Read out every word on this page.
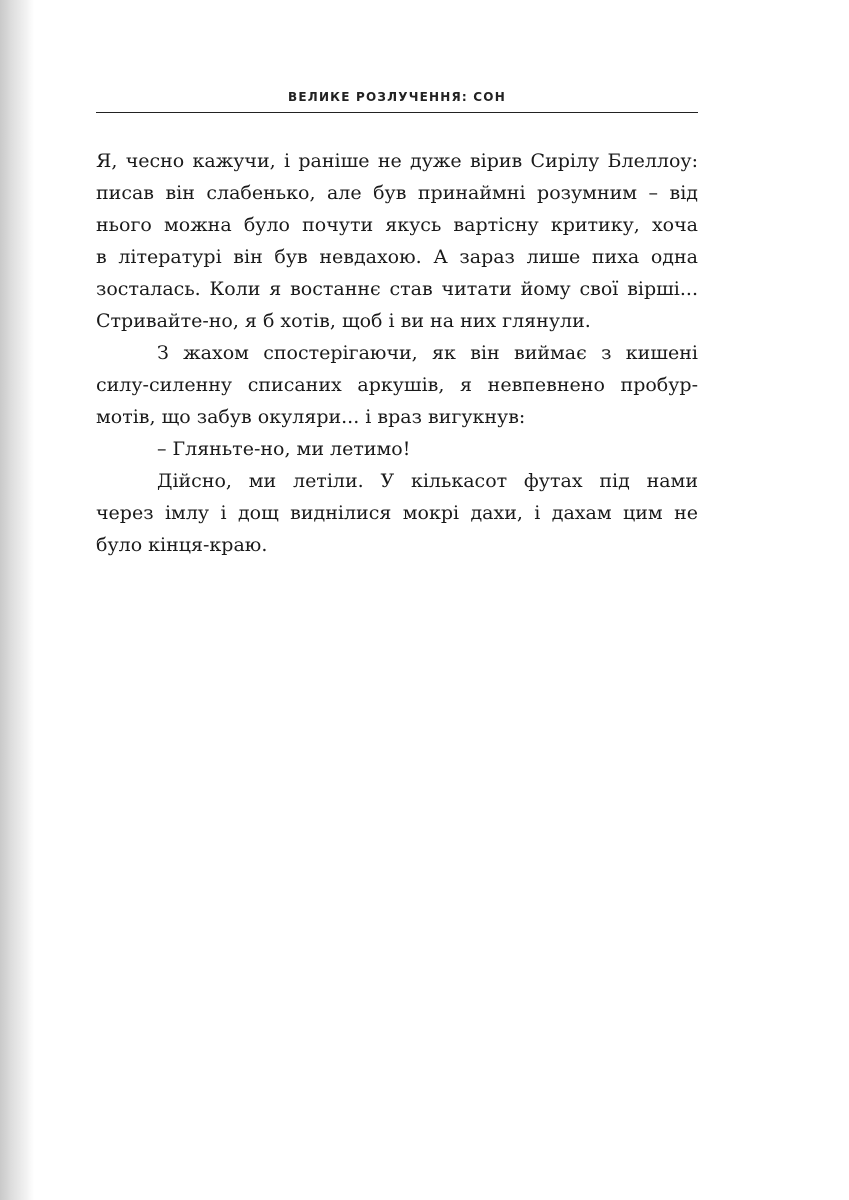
ВЕЛИКЕ РОЗЛУЧЕННЯ: СОН
Я, чесно кажучи, і раніше не дуже вірив Сирілу Блеллоу:
писав він слабенько, але був принаймні розумним – від
нього можна було почути якусь вартісну критику, хоча
в літературі він був невдахою. А зараз лише пиха одна
зосталась. Коли я востаннє став читати йому свої вірші...
Стривайте-но, я б хотів, щоб і ви на них глянули.
З жахом спостерігаючи, як він виймає з кишені
силу-силенну списаних аркушів, я невпевнено пробур-
мотів, що забув окуляри... і враз вигукнув:
– Гляньте-но, ми летимо!
Дійсно, ми летіли. У кількасот футах під нами
через імлу і дощ виднілися мокрі дахи, і дахам цим не
було кінця-краю.
